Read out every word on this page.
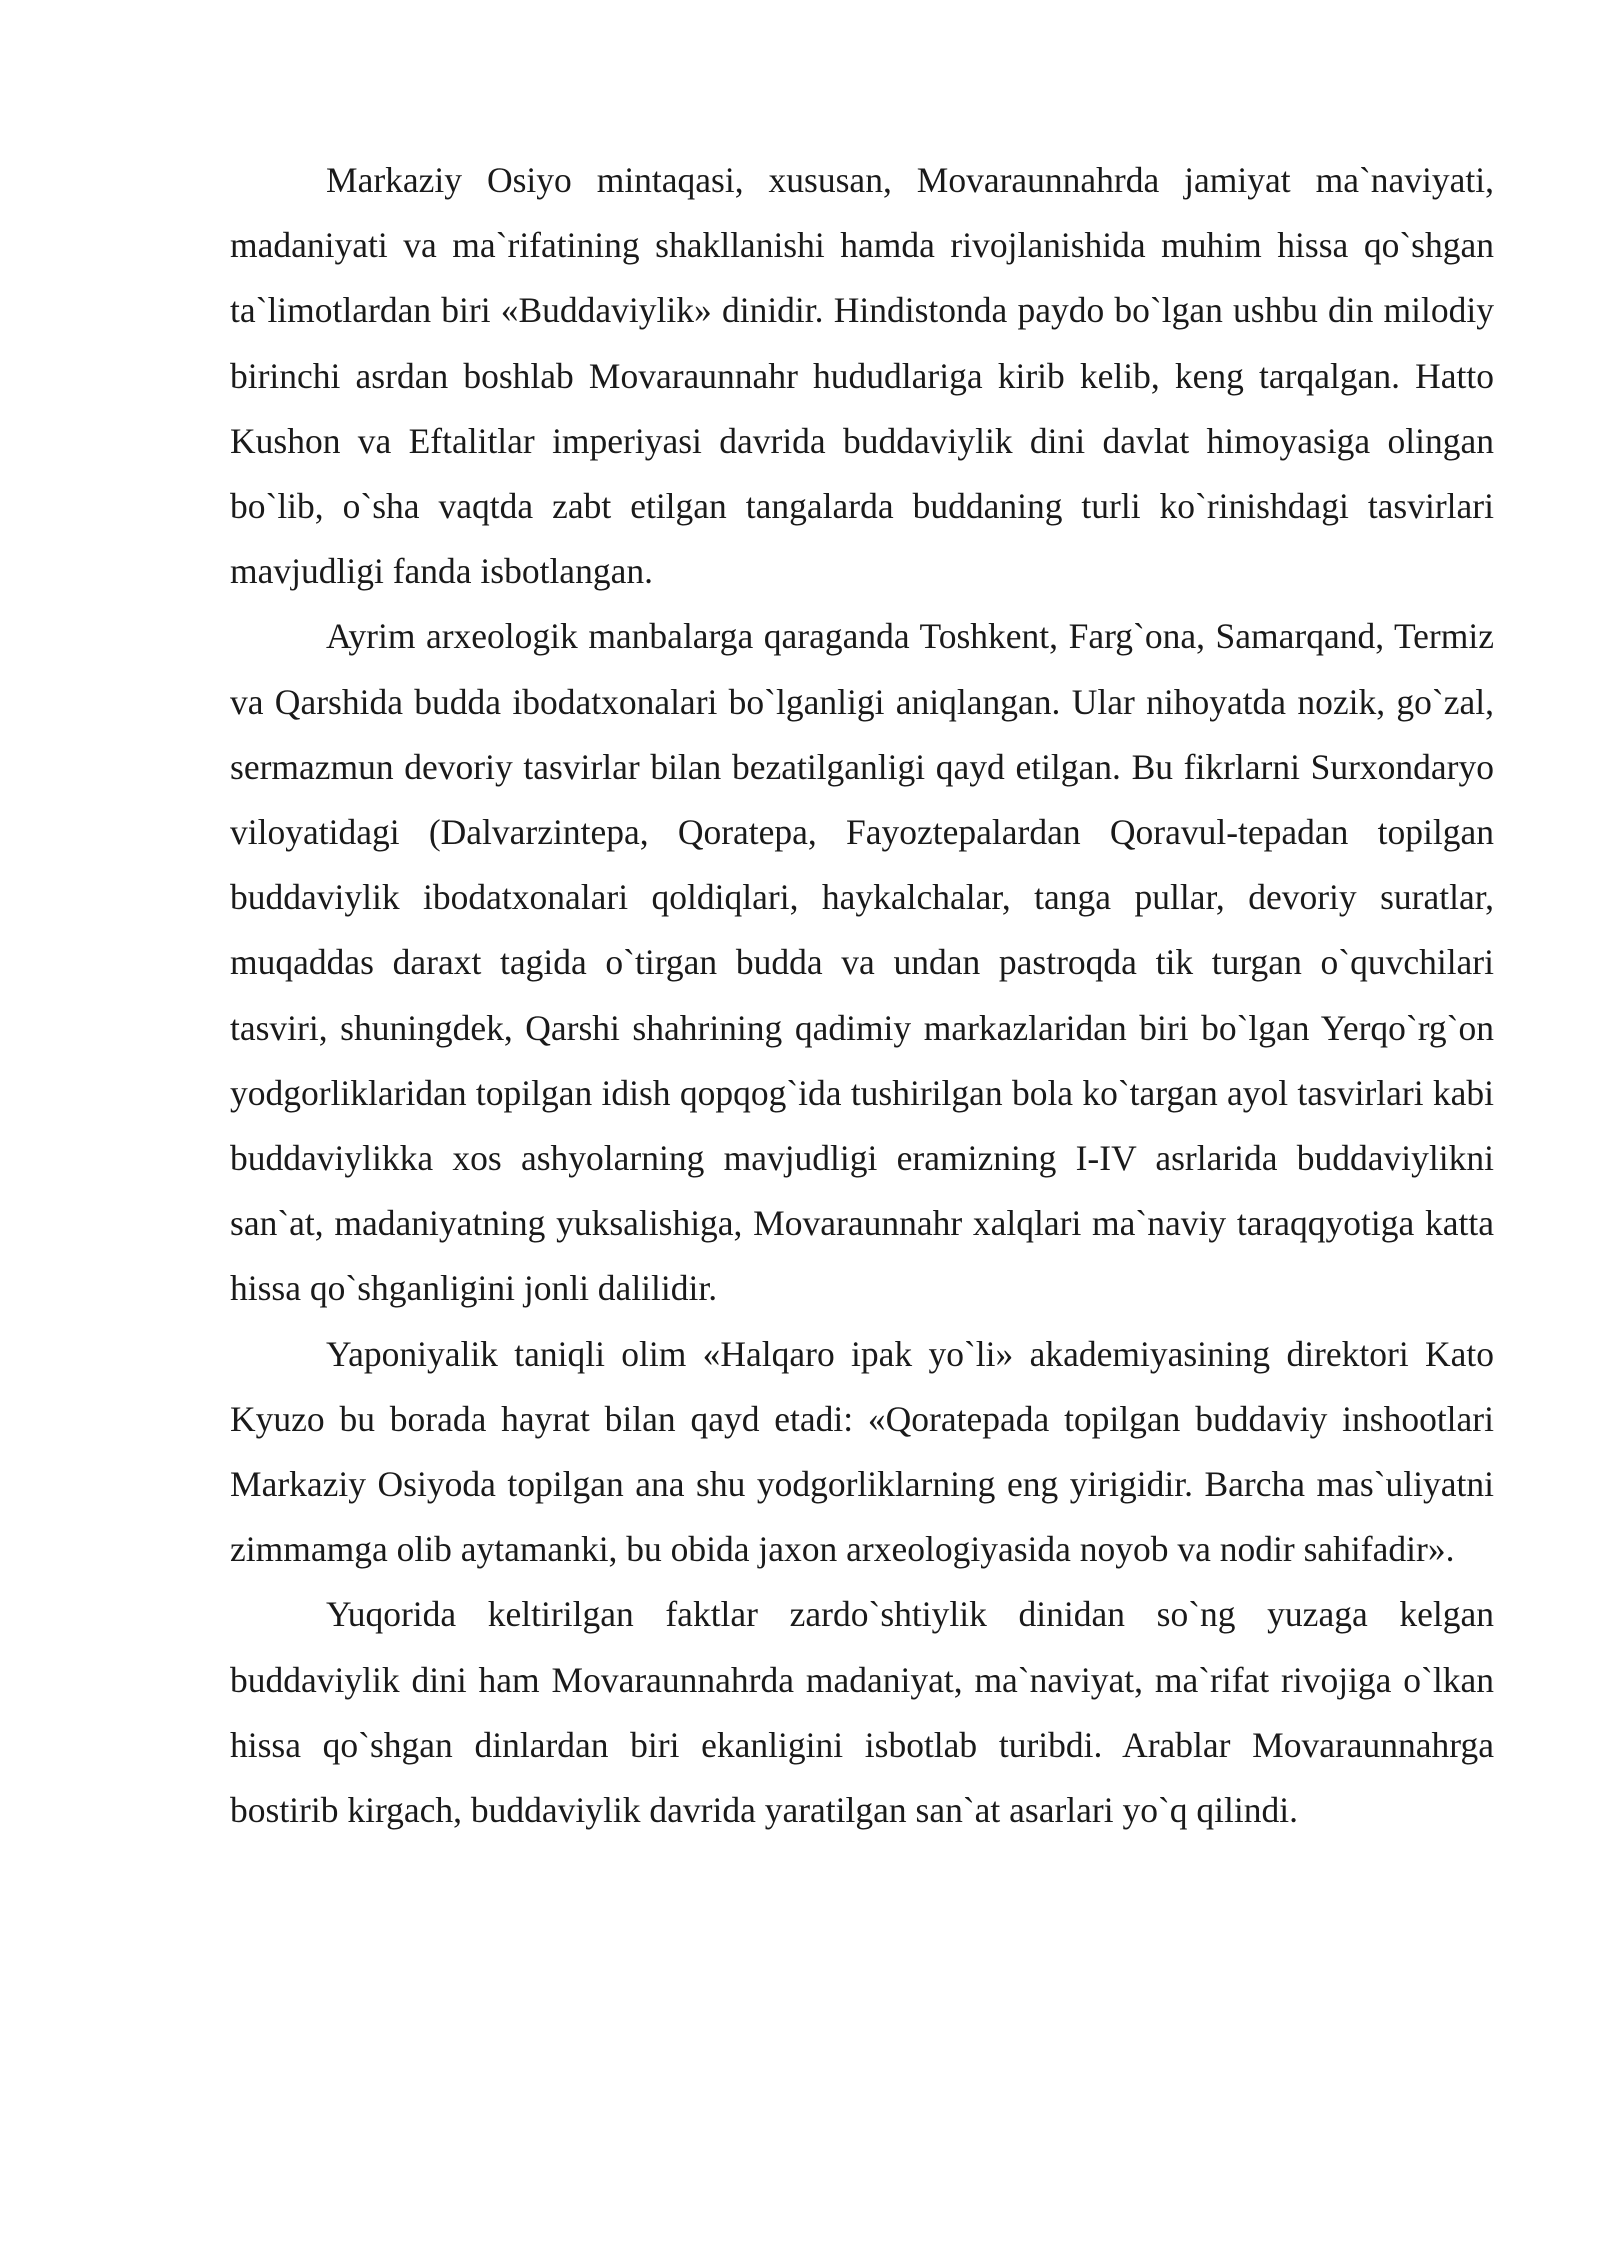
Markaziy Osiyo mintaqasi, xususan, Movaraunnahrda jamiyat ma`naviyati, madaniyati va ma`rifatining shakllanishi hamda rivojlanishida muhim hissa qo`shgan ta`limotlardan biri «Buddaviylik» dinidir. Hindistonda paydo bo`lgan ushbu din milodiy birinchi asrdan boshlab Movaraunnahr hududlariga kirib kelib, keng tarqalgan. Hatto Kushon va Eftalitlar imperiyasi davrida buddaviylik dini davlat himoyasiga olingan bo`lib, o`sha vaqtda zabt etilgan tangalarda buddaning turli ko`rinishdagi tasvirlari mavjudligi fanda isbotlangan.

Ayrim arxeologik manbalarga qaraganda Toshkent, Farg`ona, Samarqand, Termiz va Qarshida budda ibodatxonalari bo`lganligi aniqlangan. Ular nihoyatda nozik, go`zal, sermazmun devoriy tasvirlar bilan bezatilganligi qayd etilgan. Bu fikrlarni Surxondaryo viloyatidagi (Dalvarzintepa, Qoratepa, Fayoztepalardan Qoravul-tepadan topilgan buddaviylik ibodatxonalari qoldiqlari, haykalchalar, tanga pullar, devoriy suratlar, muqaddas daraxt tagida o`tirgan budda va undan pastroqda tik turgan o`quvchilari tasviri, shuningdek, Qarshi shahrining qadimiy markazlaridan biri bo`lgan Yerqo`rg`on yodgorliklaridan topilgan idish qopqog`ida tushirilgan bola ko`targan ayol tasvirlari kabi buddaviylikka xos ashyolarning mavjudligi eramizning I-IV asrlarida buddaviylikni san`at, madaniyatning yuksalishiga, Movaraunnahr xalqlari ma`naviy taraqqyotiga katta hissa qo`shganligini jonli dalilidir.

Yaponiyalik taniqli olim «Halqaro ipak yo`li» akademiyasining direktori Kato Kyuzo bu borada hayrat bilan qayd etadi: «Qoratepada topilgan buddaviy inshootlari Markaziy Osiyoda topilgan ana shu yodgorliklarning eng yirigidir. Barcha mas`uliyatni zimmamga olib aytamanki, bu obida jaxon arxeologiyasida noyob va nodir sahifadir».

Yuqorida keltirilgan faktlar zardo`shtiylik dinidan so`ng yuzaga kelgan buddaviylik dini ham Movaraunnahrda madaniyat, ma`naviyat, ma`rifat rivojiga o`lkan hissa qo`shgan dinlardan biri ekanligini isbotlab turibdi. Arablar Movaraunnahrga bostirib kirgach, buddaviylik davrida yaratilgan san`at asarlari yo`q qilindi.
